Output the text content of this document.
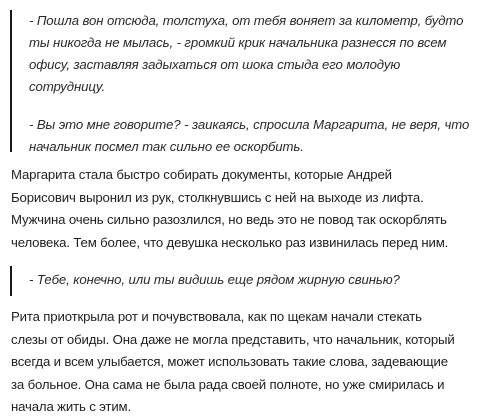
- Пошла вон отсюда, толстуха, от тебя воняет за километр, будто
ты никогда не мылась, - громкий крик начальника разнесся по всем
офису, заставляя задыхаться от шока стыда его молодую
сотрудницу.

- Вы это мне говорите? - заикаясь, спросила Маргарита, не веря, что
начальник посмел так сильно ее оскорбить.

Маргарита стала быстро собирать документы, которые Андрей
Борисович выронил из рук, столкнувшись с ней на выходе из лифта.
Мужчина очень сильно разозлился, но ведь это не повод так оскорблять
человека. Тем более, что девушка несколько раз извинилась перед ним.

- Тебе, конечно, или ты видишь еще рядом жирную свинью?

Рита приоткрыла рот и почувствовала, как по щекам начали стекать
слезы от обиды. Она даже не могла представить, что начальник, который
всегда и всем улыбается, может использовать такие слова, задевающие
за больное. Она сама не была рада своей полноте, но уже смирилась и
начала жить с этим.
